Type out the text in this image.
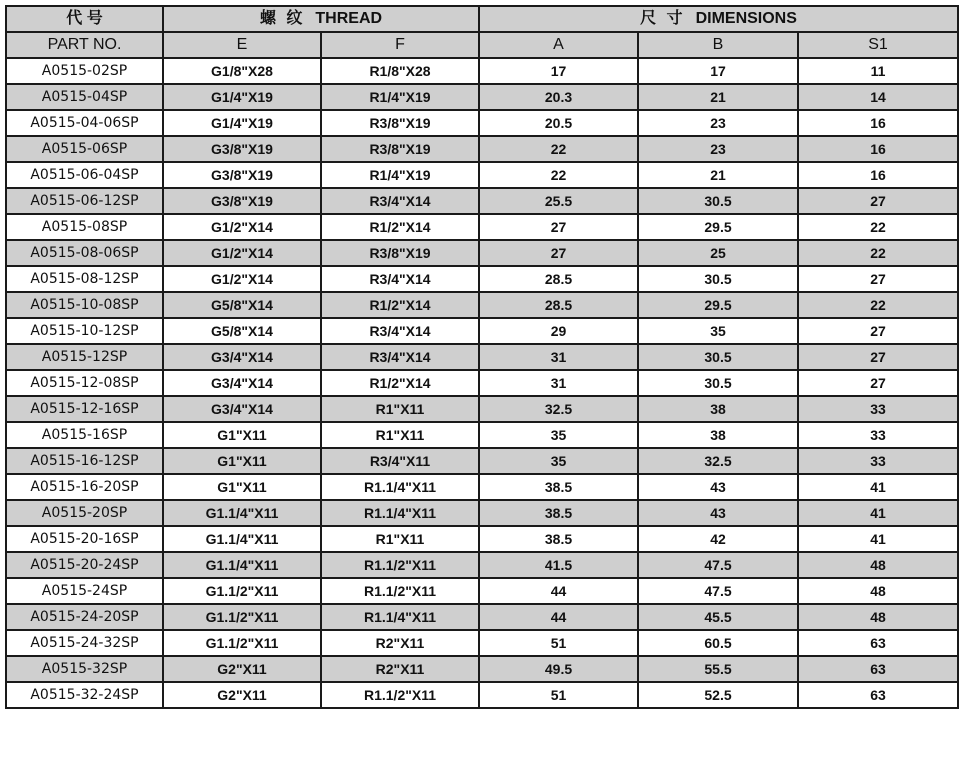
代 号	螺 纹 THREAD		尺 寸 DIMENSIONS		
PART NO.	E	F	A	B	S1
A0515-02SP	G1/8"X28	R1/8"X28	17	17	11
A0515-04SP	G1/4"X19	R1/4"X19	20.3	21	14
A0515-04-06SP	G1/4"X19	R3/8"X19	20.5	23	16
A0515-06SP	G3/8"X19	R3/8"X19	22	23	16
A0515-06-04SP	G3/8"X19	R1/4"X19	22	21	16
A0515-06-12SP	G3/8"X19	R3/4"X14	25.5	30.5	27
A0515-08SP	G1/2"X14	R1/2"X14	27	29.5	22
A0515-08-06SP	G1/2"X14	R3/8"X19	27	25	22
A0515-08-12SP	G1/2"X14	R3/4"X14	28.5	30.5	27
A0515-10-08SP	G5/8"X14	R1/2"X14	28.5	29.5	22
A0515-10-12SP	G5/8"X14	R3/4"X14	29	35	27
A0515-12SP	G3/4"X14	R3/4"X14	31	30.5	27
A0515-12-08SP	G3/4"X14	R1/2"X14	31	30.5	27
A0515-12-16SP	G3/4"X14	R1"X11	32.5	38	33
A0515-16SP	G1"X11	R1"X11	35	38	33
A0515-16-12SP	G1"X11	R3/4"X11	35	32.5	33
A0515-16-20SP	G1"X11	R1.1/4"X11	38.5	43	41
A0515-20SP	G1.1/4"X11	R1.1/4"X11	38.5	43	41
A0515-20-16SP	G1.1/4"X11	R1"X11	38.5	42	41
A0515-20-24SP	G1.1/4"X11	R1.1/2"X11	41.5	47.5	48
A0515-24SP	G1.1/2"X11	R1.1/2"X11	44	47.5	48
A0515-24-20SP	G1.1/2"X11	R1.1/4"X11	44	45.5	48
A0515-24-32SP	G1.1/2"X11	R2"X11	51	60.5	63
A0515-32SP	G2"X11	R2"X11	49.5	55.5	63
A0515-32-24SP	G2"X11	R1.1/2"X11	51	52.5	63
